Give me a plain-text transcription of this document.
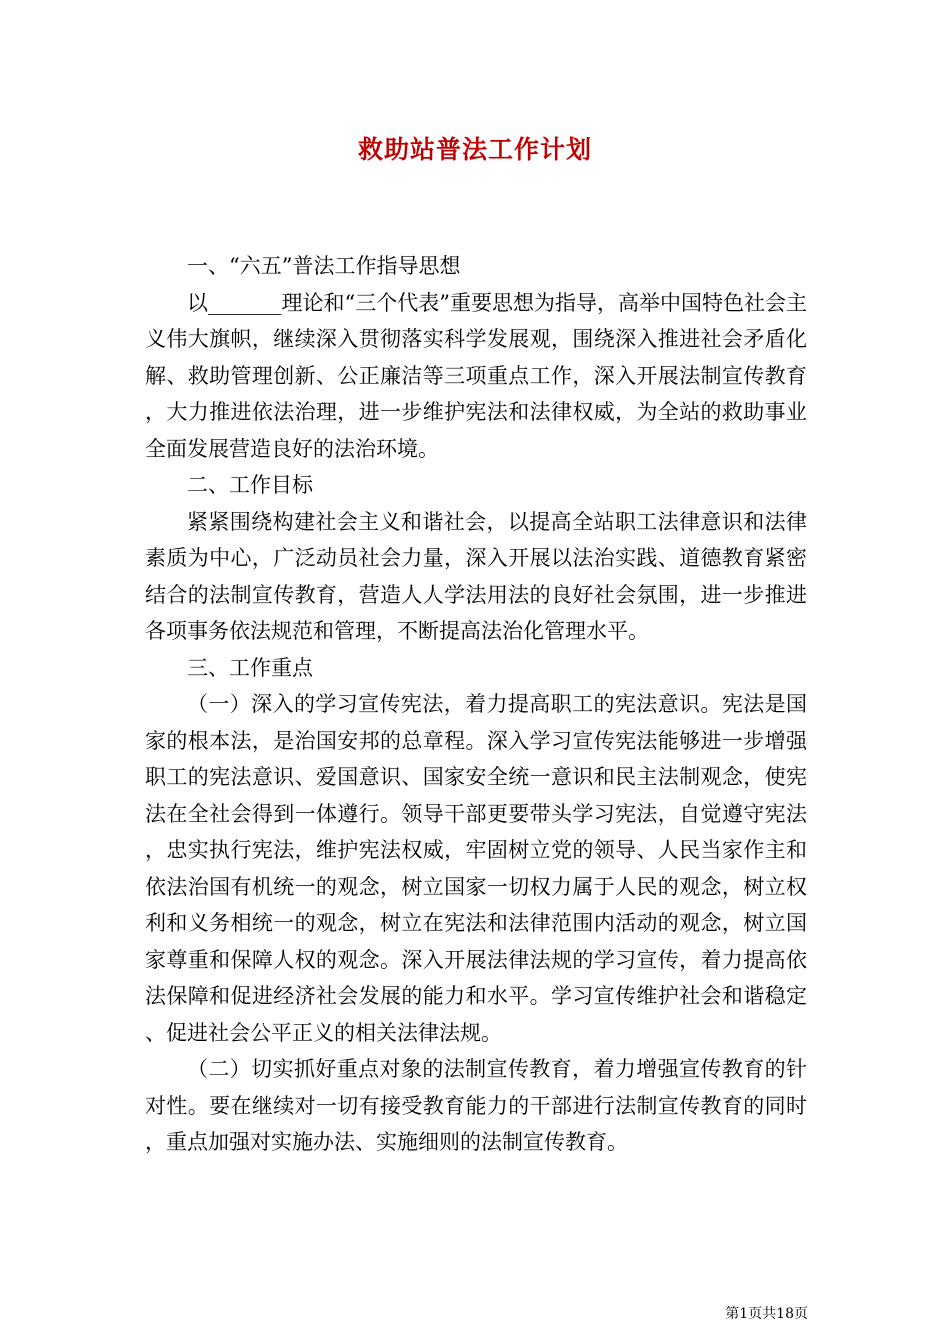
救助站普法工作计划

一、“六五”普法工作指导思想

以_______理论和“三个代表”重要思想为指导，高举中国特色社会主义伟大旗帜，继续深入贯彻落实科学发展观，围绕深入推进社会矛盾化解、救助管理创新、公正廉洁等三项重点工作，深入开展法制宣传教育，大力推进依法治理，进一步维护宪法和法律权威，为全站的救助事业全面发展营造良好的法治环境。

二、工作目标

紧紧围绕构建社会主义和谐社会，以提高全站职工法律意识和法律素质为中心，广泛动员社会力量，深入开展以法治实践、道德教育紧密结合的法制宣传教育，营造人人学法用法的良好社会氛围，进一步推进各项事务依法规范和管理，不断提高法治化管理水平。

三、工作重点

（一）深入的学习宣传宪法，着力提高职工的宪法意识。宪法是国家的根本法，是治国安邦的总章程。深入学习宣传宪法能够进一步增强职工的宪法意识、爱国意识、国家安全统一意识和民主法制观念，使宪法在全社会得到一体遵行。领导干部更要带头学习宪法，自觉遵守宪法，忠实执行宪法，维护宪法权威，牢固树立党的领导、人民当家作主和依法治国有机统一的观念，树立国家一切权力属于人民的观念，树立权利和义务相统一的观念，树立在宪法和法律范围内活动的观念，树立国家尊重和保障人权的观念。深入开展法律法规的学习宣传，着力提高依法保障和促进经济社会发展的能力和水平。学习宣传维护社会和谐稳定、促进社会公平正义的相关法律法规。

（二）切实抓好重点对象的法制宣传教育，着力增强宣传教育的针对性。要在继续对一切有接受教育能力的干部进行法制宣传教育的同时，重点加强对实施办法、实施细则的法制宣传教育。

第1页共18页
